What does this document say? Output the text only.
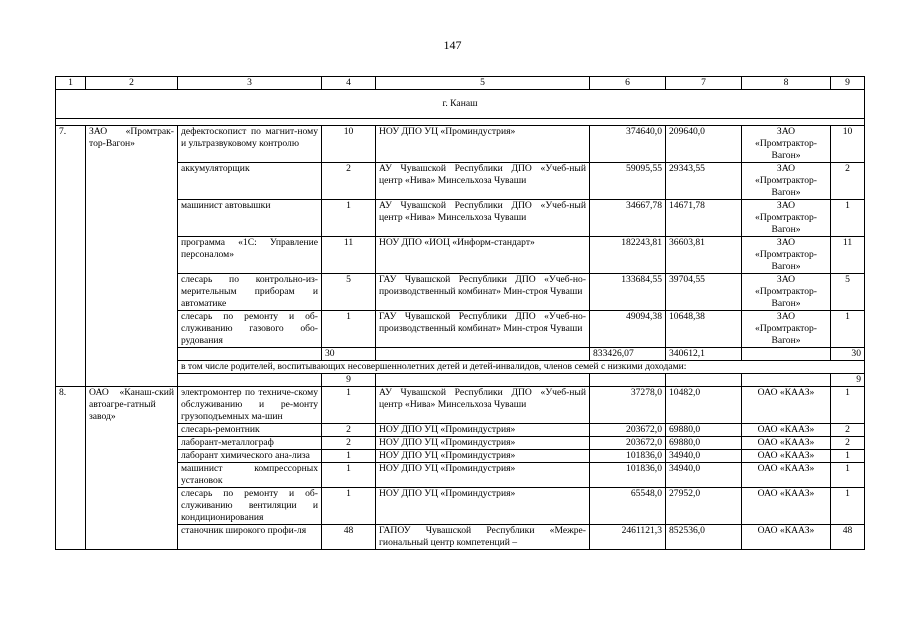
147
1	2	3	4	5	6	7	8	9
г. Канаш								

7.	ЗАО «Промтрак-тор-Вагон»	дефектоскопист по магнит-ному и ультразвуковому контролю	10	НОУ ДПО УЦ «Проминдустрия»	374640,0	209640,0	ЗАО «Промтрактор-Вагон»	10
		аккумуляторщик	2	АУ Чувашской Республики ДПО «Учеб-ный центр «Нива» Минсельхоза Чуваши	59095,55	29343,55	ЗАО «Промтрактор-Вагон»	2
		машинист автовышки	1	АУ Чувашской Республики ДПО «Учеб-ный центр «Нива» Минсельхоза Чуваши	34667,78	14671,78	ЗАО «Промтрактор-Вагон»	1
		программа «1С: Управление персоналом»	11	НОУ ДПО «ИОЦ «Информ-стандарт»	182243,81	36603,81	ЗАО «Промтрактор-Вагон»	11
		слесарь по контрольно-из-мерительным приборам и автоматике	5	ГАУ Чувашской Республики ДПО «Учеб-но-производственный комбинат» Мин-строя Чуваши	133684,55	39704,55	ЗАО «Промтрактор-Вагон»	5
		слесарь по ремонту и об-служиванию газового обо-рудования	1	ГАУ Чувашской Республики ДПО «Учеб-но-производственный комбинат» Мин-строя Чуваши	49094,38	10648,38	ЗАО «Промтрактор-Вагон»	1
			30		833426,07	340612,1		30
		в том числе родителей, воспитывающих несовершеннолетних детей и детей-инвалидов, членов семей с низкими доходами:						
			9					9
8.	ОАО «Канаш-ский автоагре-гатный завод»	электромонтер по техниче-скому обслуживанию и ре-монту грузоподъемных ма-шин	1	АУ Чувашской Республики ДПО «Учеб-ный центр «Нива» Минсельхоза Чуваши	37278,0	10482,0	ОАО «КААЗ»	1
		слесарь-ремонтник	2	НОУ ДПО УЦ «Проминдустрия»	203672,0	69880,0	ОАО «КААЗ»	2
		лаборант-металлограф	2	НОУ ДПО УЦ «Проминдустрия»	203672,0	69880,0	ОАО «КААЗ»	2
		лаборант химического ана-лиза	1	НОУ ДПО УЦ «Проминдустрия»	101836,0	34940,0	ОАО «КААЗ»	1
		машинист компрессорных установок	1	НОУ ДПО УЦ «Проминдустрия»	101836,0	34940,0	ОАО «КААЗ»	1
		слесарь по ремонту и об-служиванию вентиляции и кондиционирования	1	НОУ ДПО УЦ «Проминдустрия»	65548,0	27952,0	ОАО «КААЗ»	1
		станочник широкого профи-ля	48	ГАПОУ Чувашской Республики «Межре-гиональный центр компетенций –	2461121,3	852536,0	ОАО «КААЗ»	48
